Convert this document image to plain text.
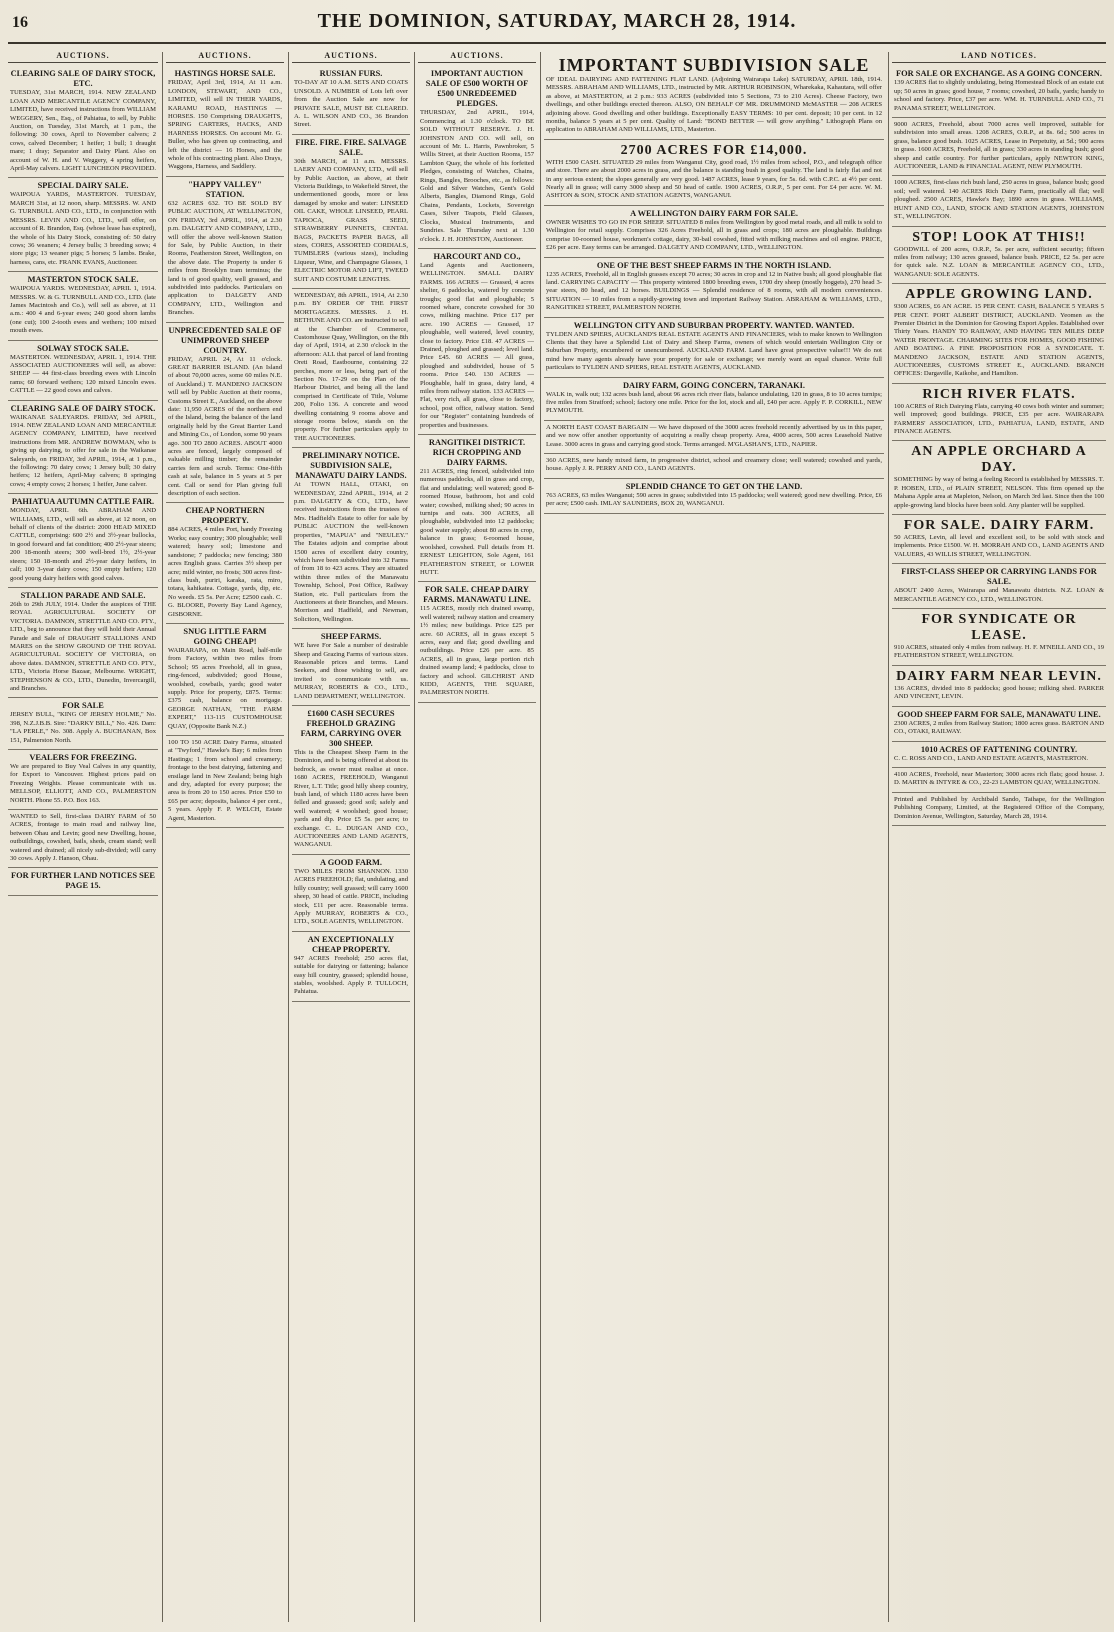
16	THE DOMINION, SATURDAY, MARCH 28, 1914.
AUCTIONS.
CLEARING SALE OF DAIRY STOCK, ETC.
TUESDAY, 31st MARCH, 1914. NEW ZEALAND LOAN AND MERCANTILE AGENCY COMPANY, LIMITED, have received instructions from WILLIAM WEGGERY, Sen., Esq., of Pahiatua, to sell, by Public Auction, on Tuesday, 31st March, at 1 p.m., the following: 30 cows, April to November calvers; 2 cows, calved December; 1 heifer; 1 bull; 1 draught mare; 1 dray; Separator and Dairy Plant. Also on account of W. H. and V. Weggery, 4 spring heifers, April-May calvers. LIGHT LUNCHEON PROVIDED.
SPECIAL DAIRY SALE.
WAIPOUA YARDS, MASTERTON. TUESDAY, MARCH 31st, at 12 noon, sharp. MESSRS. W. AND G. TURNBULL AND CO., LTD., in conjunction with MESSRS. LEVIN AND CO., LTD., will offer, on account of R. Brandon, Esq. (whose lease has expired), the whole of his Dairy Stock, consisting of: 50 dairy cows; 36 weaners; 4 Jersey bulls; 3 breeding sows; 4 store pigs; 13 weaner pigs; 5 horses; 5 lambs. Brake, harness, cans, etc. FRANK EVANS, Auctioneer.
MASTERTON STOCK SALE.
WAIPOUA YARDS. WEDNESDAY, APRIL 1, 1914. MESSRS. W. & G. TURNBULL AND CO., LTD. (late James Macintosh and Co.), will sell as above, at 11 a.m.: 400 4 and 6-year ewes; 240 good shorn lambs (one cut); 100 2-tooth ewes and wethers; 100 mixed mouth ewes.
SOLWAY STOCK SALE.
MASTERTON. WEDNESDAY, APRIL 1, 1914. THE ASSOCIATED AUCTIONEERS will sell, as above: SHEEP — 44 first-class breeding ewes with Lincoln rams; 60 forward wethers; 120 mixed Lincoln ewes. CATTLE — 22 good cows and calves.
CLEARING SALE OF DAIRY STOCK.
WAIKANAE SALEYARDS. FRIDAY, 3rd APRIL, 1914. NEW ZEALAND LOAN AND MERCANTILE AGENCY COMPANY, LIMITED, have received instructions from MR. ANDREW BOWMAN, who is giving up dairying, to offer for sale in the Waikanae Saleyards, on FRIDAY, 3rd APRIL, 1914, at 1 p.m., the following: 70 dairy cows; 1 Jersey bull; 30 dairy heifers; 12 heifers, April-May calvers; 8 springing cows; 4 empty cows; 2 horses; 1 heifer, June calver.
PAHIATUA AUTUMN CATTLE FAIR.
MONDAY, APRIL 6th. ABRAHAM AND WILLIAMS, LTD., will sell as above, at 12 noon, on behalf of clients of the district: 2000 HEAD MIXED CATTLE, comprising: 600 2½ and 3½-year bullocks, in good forward and fat condition; 400 2½-year steers; 200 18-month steers; 300 well-bred 1½, 2½-year steers; 150 18-month and 2½-year dairy heifers, in calf; 100 3-year dairy cows; 150 empty heifers; 120 good young dairy heifers with good calves.
STALLION PARADE AND SALE.
26th to 29th JULY, 1914. Under the auspices of THE ROYAL AGRICULTURAL SOCIETY OF VICTORIA. DAMNON, STRETTLE AND CO. PTY., LTD., beg to announce that they will hold their Annual Parade and Sale of DRAUGHT STALLIONS AND MARES on the SHOW GROUND OF THE ROYAL AGRICULTURAL SOCIETY OF VICTORIA, on above dates. DAMNON, STRETTLE AND CO. PTY., LTD., Victoria Horse Bazaar, Melbourne. WRIGHT, STEPHENSON & CO., LTD., Dunedin, Invercargill, and Branches.
FOR SALE
JERSEY BULL, "KING OF JERSEY HOLME," No. 398, N.Z.J.B.B. Sire: "DARKY BILL," No. 426. Dam: "LA PERLE," No. 308. Apply A. BUCHANAN, Box 151, Palmerston North.
VEALERS FOR FREEZING.
We are prepared to Buy Veal Calves in any quantity, for Export to Vancouver. Highest prices paid on Freezing Weights. Please communicate with us. MELLSOP, ELLIOTT, AND CO., PALMERSTON NORTH. Phone 55. P.O. Box 163.
WANTED to Sell, first-class DAIRY FARM of 50 ACRES, frontage to main road and railway line, between Ohau and Levin; good new Dwelling, house, outbuildings, cowshed, bails, sheds, cream stand; well watered and drained; all nicely sub-divided; will carry 30 cows. Apply J. Hanson, Ohau.
FOR FURTHER LAND NOTICES SEE PAGE 15.
AUCTIONS.
HASTINGS HORSE SALE.
FRIDAY, April 3rd, 1914, At 11 a.m. LONDON, STEWART, AND CO., LIMITED, will sell IN THEIR YARDS, KARAMU ROAD, HASTINGS — HORSES. 150 Comprising DRAUGHTS, SPRING CARTERS, HACKS, AND HARNESS HORSES. On account Mr. G. Buller, who has given up contracting, and left the district — 16 Horses, and the whole of his contracting plant. Also Drays, Waggons, Harness, and Saddlery.
"HAPPY VALLEY" STATION.
632 ACRES 632. TO BE SOLD BY PUBLIC AUCTION, AT WELLINGTON, ON FRIDAY, 3rd APRIL, 1914, at 2.30 p.m. DALGETY AND COMPANY, LTD., will offer the above well-known Station for Sale, by Public Auction, in their Rooms, Featherston Street, Wellington, on the above date. The Property is under 6 miles from Brooklyn tram terminus; the land is of good quality, well grassed, and subdivided into paddocks. Particulars on application to DALGETY AND COMPANY, LTD., Wellington and Branches.
UNPRECEDENTED SALE OF UNIMPROVED SHEEP COUNTRY.
FRIDAY, APRIL 24, At 11 o'clock. GREAT BARRIER ISLAND. (An Island of about 70,000 acres, some 60 miles N.E. of Auckland.) T. MANDENO JACKSON will sell by Public Auction at their rooms, Customs Street E., Auckland, on the above date: 11,950 ACRES of the northern end of the Island, being the balance of the land originally held by the Great Barrier Land and Mining Co., of London, some 90 years ago. 300 TO 2800 ACRES. ABOUT 4000 acres are fenced, largely composed of valuable milling timber; the remainder carries fern and scrub. Terms: One-fifth cash at sale, balance in 5 years at 5 per cent. Call or send for Plan giving full description of each section.
CHEAP NORTHERN PROPERTY.
884 ACRES, 4 miles Port, handy Freezing Works; easy country; 300 ploughable; well watered; heavy soil; limestone and sandstone; 7 paddocks; new fencing; 380 acres English grass. Carries 3½ sheep per acre; mild winter, no frosts; 300 acres first-class bush, puriri, karaka, rata, miro, totara, kahikatea. Cottage, yards, dip, etc. No weeds. £5 5s. Per Acre; £2500 cash. C. G. BLOORE, Poverty Bay Land Agency, GISBORNE.
SNUG LITTLE FARM GOING CHEAP!
WAIRARAPA, on Main Road, half-mile from Factory, within two miles from School; 95 acres Freehold, all in grass, ring-fenced, subdivided; good House, woolshed, cowbails, yards; good water supply. Price for property, £875. Terms: £375 cash, balance on mortgage. GEORGE NATHAN, "THE FARM EXPERT," 113-115 CUSTOMHOUSE QUAY, (Opposite Bank N.Z.)
100 TO 150 ACRE Dairy Farms, situated at "Twyford," Hawke's Bay; 6 miles from Hastings; 1 from school and creamery; frontage to the best dairying, fattening and ensilage land in New Zealand; being high and dry, adapted for every purpose; the area is from 20 to 150 acres. Price £50 to £65 per acre; deposits, balance 4 per cent., 5 years. Apply F. P. WELCH, Estate Agent, Masterton.
AUCTIONS.
RUSSIAN FURS.
TO-DAY AT 10 A.M. SETS AND COATS UNSOLD. A NUMBER of Lots left over from the Auction Sale are now for PRIVATE SALE, MUST BE CLEARED. A. L. WILSON AND CO., 36 Brandon Street.
FIRE. FIRE. FIRE. SALVAGE SALE.
30th MARCH, at 11 a.m. MESSRS. LAERY AND COMPANY, LTD., will sell by Public Auction, as above, at their Victoria Buildings, to Wakefield Street, the undermentioned goods, more or less damaged by smoke and water: LINSEED OIL CAKE, WHOLE LINSEED, PEARL TAPIOCA, GRASS SEED, STRAWBERRY PUNNETS, CENTAL BAGS, PACKETS PAPER BAGS, all sizes, CORES, ASSORTED CORDIALS, TUMBLERS (various sizes), including Liqueur, Wine, and Champagne Glasses, 1 ELECTRIC MOTOR AND LIFT, TWEED SUIT AND COSTUME LENGTHS.
WEDNESDAY, 8th APRIL, 1914, At 2.30 p.m. BY ORDER OF THE FIRST MORTGAGEES. MESSRS. J. H. BETHUNE AND CO. are instructed to sell at the Chamber of Commerce, Customhouse Quay, Wellington, on the 8th day of April, 1914, at 2.30 o'clock in the afternoon: ALL that parcel of land fronting Oreti Road, Eastbourne, containing 22 perches, more or less, being part of the Section No. 17-29 on the Plan of the Harbour District, and being all the land comprised in Certificate of Title, Volume 200, Folio 136. A concrete and wood dwelling containing 9 rooms above and storage rooms below, stands on the property. For further particulars apply to THE AUCTIONEERS.
PRELIMINARY NOTICE. SUBDIVISION SALE, MANAWATU DAIRY LANDS.
At TOWN HALL, OTAKI, on WEDNESDAY, 22nd APRIL, 1914, at 2 p.m. DALGETY & CO., LTD., have received instructions from the trustees of Mrs. Hadfield's Estate to offer for sale by PUBLIC AUCTION the well-known properties, "MAPUA" and "NEULEY." The Estates adjoin and comprise about 1500 acres of excellent dairy country, which have been subdivided into 32 Farms of from 18 to 423 acres. They are situated within three miles of the Manawatu Township, School, Post Office, Railway Station, etc. Full particulars from the Auctioneers at their Branches, and Messrs. Morrison and Hadfield, and Newman, Solicitors, Wellington.
SHEEP FARMS.
WE have For Sale a number of desirable Sheep and Grazing Farms of various sizes. Reasonable prices and terms. Land Seekers, and those wishing to sell, are invited to communicate with us. MURRAY, ROBERTS & CO., LTD., LAND DEPARTMENT, WELLINGTON.
£1600 CASH SECURES FREEHOLD GRAZING FARM, CARRYING OVER 300 SHEEP.
This is the Cheapest Sheep Farm in the Dominion, and is being offered at about its bedrock, as owner must realise at once. 1680 ACRES, FREEHOLD, Wanganui River, L.T. Title; good hilly sheep country, bush land, of which 1180 acres have been felled and grassed; good soil; safely and well watered; 4 woolshed; good house; yards and dip. Price £5 5s. per acre; to exchange. C. L. DUIGAN AND CO., AUCTIONEERS AND LAND AGENTS, WANGANUI.
A GOOD FARM.
TWO MILES FROM SHANNON. 1330 ACRES FREEHOLD; flat, undulating, and hilly country; well grassed; will carry 1600 sheep, 30 head of cattle. PRICE, including stock, £11 per acre. Reasonable terms. Apply MURRAY, ROBERTS & CO., LTD., SOLE AGENTS, WELLINGTON.
AN EXCEPTIONALLY CHEAP PROPERTY.
947 ACRES Freehold; 250 acres flat, suitable for dairying or fattening; balance easy hill country, grassed; splendid house, stables, woolshed. Apply P. TULLOCH, Pahiatua.
AUCTIONS.
IMPORTANT AUCTION SALE OF £500 WORTH OF £500 UNREDEEMED PLEDGES.
THURSDAY, 2nd APRIL, 1914, Commencing at 1.30 o'clock. TO BE SOLD WITHOUT RESERVE. J. H. JOHNSTON AND CO. will sell, on account of Mr. L. Harris, Pawnbroker, 5 Willis Street, at their Auction Rooms, 157 Lambton Quay, the whole of his forfeited Pledges, consisting of Watches, Chains, Rings, Bangles, Brooches, etc., as follows: Gold and Silver Watches, Gent's Gold Alberts, Bangles, Diamond Rings, Gold Chains, Pendants, Lockets, Sovereign Cases, Silver Teapots, Field Glasses, Clocks, Musical Instruments, and Sundries. Sale Thursday next at 1.30 o'clock. J. H. JOHNSTON, Auctioneer.
HARCOURT AND CO.,
Land Agents and Auctioneers, WELLINGTON. SMALL DAIRY FARMS. 166 ACRES — Grassed, 4 acres shelter, 6 paddocks, watered by concrete troughs; good flat and ploughable; 5 roomed whare, concrete cowshed for 30 cows, milking machine. Price £17 per acre. 190 ACRES — Grassed, 17 ploughable, well watered, level country, close to factory. Price £18. 47 ACRES — Drained, ploughed and grassed; level land. Price £45. 60 ACRES — All grass, ploughed and subdivided, house of 5 rooms. Price £40. 130 ACRES — Ploughable, half in grass, dairy land, 4 miles from railway station. 133 ACRES — Flat, very rich, all grass, close to factory, school, post office, railway station. Send for our "Register" containing hundreds of properties and businesses.
RANGITIKEI DISTRICT. RICH CROPPING AND DAIRY FARMS.
211 ACRES, ring fenced, subdivided into numerous paddocks, all in grass and crop, flat and undulating; well watered; good 8-roomed House, bathroom, hot and cold water; cowshed, milking shed; 90 acres in turnips and oats. 300 ACRES, all ploughable, subdivided into 12 paddocks; good water supply; about 80 acres in crop, balance in grass; 6-roomed house, woolshed, cowshed. Full details from H. ERNEST LEIGHTON, Sole Agent, 161 FEATHERSTON STREET, or LOWER HUTT.
FOR SALE. CHEAP DAIRY FARMS. MANAWATU LINE.
115 ACRES, mostly rich drained swamp, well watered; railway station and creamery 1½ miles; new buildings. Price £25 per acre. 60 ACRES, all in grass except 5 acres, easy and flat; good dwelling and outbuildings. Price £26 per acre. 85 ACRES, all in grass, large portion rich drained swamp land; 4 paddocks, close to factory and school. GILCHRIST AND KIDD, AGENTS, THE SQUARE, PALMERSTON NORTH.
IMPORTANT SUBDIVISION SALE
OF IDEAL DAIRYING AND FATTENING FLAT LAND. (Adjoining Wairarapa Lake) SATURDAY, APRIL 18th, 1914. MESSRS. ABRAHAM AND WILLIAMS, LTD., instructed by MR. ARTHUR ROBINSON, Wharekaka, Kahautara, will offer as above, at MASTERTON, at 2 p.m.: 933 ACRES (subdivided into 5 Sections, 73 to 210 Acres). Cheese Factory, two dwellings, and other buildings erected thereon. ALSO, ON BEHALF OF MR. DRUMMOND McMASTER — 208 ACRES adjoining above. Good dwelling and other buildings. Exceptionally EASY TERMS: 10 per cent. deposit; 10 per cent. in 12 months, balance 5 years at 5 per cent. Quality of Land: "BOND BETTER — will grow anything." Lithograph Plans on application to ABRAHAM AND WILLIAMS, LTD., Masterton.
2700 ACRES FOR £14,000.
WITH £500 CASH. SITUATED 29 miles from Wanganui City, good road, 1½ miles from school, P.O., and telegraph office and store. There are about 2000 acres in grass, and the balance is standing bush in good quality. The land is fairly flat and not in any serious extent; the slopes generally are very good. 1487 ACRES, lease 9 years, for 5s. 6d. with C.P.C. at 4½ per cent. Nearly all in grass; will carry 3000 sheep and 50 head of cattle. 1900 ACRES, O.R.P., 5 per cent. For £4 per acre. W. M. ASHTON & SON, STOCK AND STATION AGENTS, WANGANUI.
A WELLINGTON DAIRY FARM FOR SALE.
OWNER WISHES TO GO IN FOR SHEEP. SITUATED 8 miles from Wellington by good metal roads, and all milk is sold to Wellington for retail supply. Comprises 326 Acres Freehold, all in grass and crops; 180 acres are ploughable. Buildings comprise 10-roomed house, workmen's cottage, dairy, 30-bail cowshed, fitted with milking machines and oil engine. PRICE, £26 per acre. Easy terms can be arranged. DALGETY AND COMPANY, LTD., WELLINGTON.
ONE OF THE BEST SHEEP FARMS IN THE NORTH ISLAND.
1235 ACRES, Freehold, all in English grasses except 70 acres; 30 acres in crop and 12 in Native bush; all good ploughable flat land. CARRYING CAPACITY — This property wintered 1800 breeding ewes, 1700 dry sheep (mostly hoggets), 270 head 3-year steers, 80 head, and 12 horses. BUILDINGS — Splendid residence of 8 rooms, with all modern conveniences. SITUATION — 10 miles from a rapidly-growing town and important Railway Station. ABRAHAM & WILLIAMS, LTD., RANGITIKEI STREET, PALMERSTON NORTH.
WELLINGTON CITY AND SUBURBAN PROPERTY. WANTED. WANTED.
TYLDEN AND SPIERS, AUCKLAND'S REAL ESTATE AGENTS AND FINANCIERS, wish to make known to Wellington Clients that they have a Splendid List of Dairy and Sheep Farms, owners of which would entertain Wellington City or Suburban Property, encumbered or unencumbered. AUCKLAND FARM. Land have great prospective value!!! We do not mind how many agents already have your property for sale or exchange; we merely want an equal chance. Write full particulars to TYLDEN AND SPIERS, REAL ESTATE AGENTS, AUCKLAND.
DAIRY FARM, GOING CONCERN, TARANAKI.
WALK in, walk out; 132 acres bush land, about 96 acres rich river flats, balance undulating, 120 in grass, 8 to 10 acres turnips; five miles from Stratford; school; factory one mile. Price for the lot, stock and all, £40 per acre. Apply F. P. CORKILL, NEW PLYMOUTH.
A NORTH EAST COAST BARGAIN — We have disposed of the 3000 acres freehold recently advertised by us in this paper, and we now offer another opportunity of acquiring a really cheap property. Area, 4000 acres, 500 acres Leasehold Native Lease. 3000 acres in grass and carrying good stock. Terms arranged. M'GLASHAN'S, LTD., NAPIER.
360 ACRES, new handy mixed farm, in progressive district, school and creamery close; well watered; cowshed and yards, house. Apply J. R. PERRY AND CO., LAND AGENTS.
SPLENDID CHANCE TO GET ON THE LAND.
763 ACRES, 63 miles Wanganui; 590 acres in grass; subdivided into 15 paddocks; well watered; good new dwelling. Price, £6 per acre; £500 cash. IMLAY SAUNDERS, BOX 20, WANGANUI.
LAND NOTICES.
FOR SALE OR EXCHANGE. AS A GOING CONCERN.
139 ACRES flat to slightly undulating, being Homestead Block of an estate cut up; 50 acres in grass; good house, 7 rooms; cowshed, 20 bails, yards; handy to school and factory. Price, £37 per acre. WM. H. TURNBULL AND CO., 71 PANAMA STREET, WELLINGTON.
9000 ACRES, Freehold, about 7000 acres well improved, suitable for subdivision into small areas. 1208 ACRES, O.R.P., at 8s. 6d.; 500 acres in grass, balance good bush. 1025 ACRES, Lease in Perpetuity, at 5d.; 900 acres in grass. 1600 ACRES, Freehold, all in grass; 330 acres in standing bush; good sheep and cattle country. For further particulars, apply NEWTON KING, AUCTIONEER, LAND & FINANCIAL AGENT, NEW PLYMOUTH.
1000 ACRES, first-class rich bush land, 250 acres in grass, balance bush; good soil; well watered. 140 ACRES Rich Dairy Farm, practically all flat; well ploughed. 2500 ACRES, Hawke's Bay; 1890 acres in grass. WILLIAMS, HUNT AND CO., LAND, STOCK AND STATION AGENTS, JOHNSTON ST., WELLINGTON.
STOP! LOOK AT THIS!!
GOODWILL of 200 acres, O.R.P., 5s. per acre, sufficient security; fifteen miles from railway; 130 acres grassed, balance bush. PRICE, £2 5s. per acre for quick sale. N.Z. LOAN & MERCANTILE AGENCY CO., LTD., WANGANUI: SOLE AGENTS.
APPLE GROWING LAND.
9300 ACRES, £6 AN ACRE. 15 PER CENT. CASH, BALANCE 5 YEARS 5 PER CENT. PORT ALBERT DISTRICT, AUCKLAND. Yeomen as the Premier District in the Dominion for Growing Export Apples. Established over Thirty Years. HANDY TO RAILWAY, AND HAVING TEN MILES DEEP WATER FRONTAGE. CHARMING SITES FOR HOMES, GOOD FISHING AND BOATING. A FINE PROPOSITION FOR A SYNDICATE. T. MANDENO JACKSON, ESTATE AND STATION AGENTS, AUCTIONEERS, CUSTOMS STREET E., AUCKLAND. BRANCH OFFICES: Dargaville, Kaikohe, and Hamilton.
RICH RIVER FLATS.
100 ACRES of Rich Dairying Flats, carrying 40 cows both winter and summer; well improved; good buildings. PRICE, £35 per acre. WAIRARAPA FARMERS' ASSOCIATION, LTD., PAHIATUA, LAND, ESTATE, AND FINANCE AGENTS.
AN APPLE ORCHARD A DAY.
SOMETHING by way of being a feeling Record is established by MESSRS. T. P. HOBEN, LTD., of PLAIN STREET, NELSON. This firm opened up the Mahana Apple area at Mapleton, Nelson, on March 3rd last. Since then the 100 apple-growing land blocks have been sold. Any planter will be supplied.
FOR SALE. DAIRY FARM.
50 ACRES, Levin, all level and excellent soil, to be sold with stock and implements. Price £1500. W. H. MORRAH AND CO., LAND AGENTS AND VALUERS, 43 WILLIS STREET, WELLINGTON.
FIRST-CLASS SHEEP OR CARRYING LANDS FOR SALE.
ABOUT 2400 Acres, Wairarapa and Manawatu districts. N.Z. LOAN & MERCANTILE AGENCY CO., LTD., WELLINGTON.
FOR SYNDICATE OR LEASE.
910 ACRES, situated only 4 miles from railway. H. F. M'NEILL AND CO., 19 FEATHERSTON STREET, WELLINGTON.
DAIRY FARM NEAR LEVIN.
136 ACRES, divided into 8 paddocks; good house; milking shed. PARKER AND VINCENT, LEVIN.
GOOD SHEEP FARM FOR SALE, MANAWATU LINE.
2300 ACRES, 2 miles from Railway Station; 1800 acres grass. BARTON AND CO., OTAKI, RAILWAY.
1010 ACRES OF FATTENING COUNTRY.
C. C. ROSS AND CO., LAND AND ESTATE AGENTS, MASTERTON.
4100 ACRES, Freehold, near Masterton; 3000 acres rich flats; good house. J. D. MARTIN & INTYRE & CO., 22-23 LAMBTON QUAY, WELLINGTON.
Printed and Published by Archibald Sando, Taihape, for the Wellington Publishing Company, Limited, at the Registered Office of the Company, Dominion Avenue, Wellington, Saturday, March 28, 1914.
